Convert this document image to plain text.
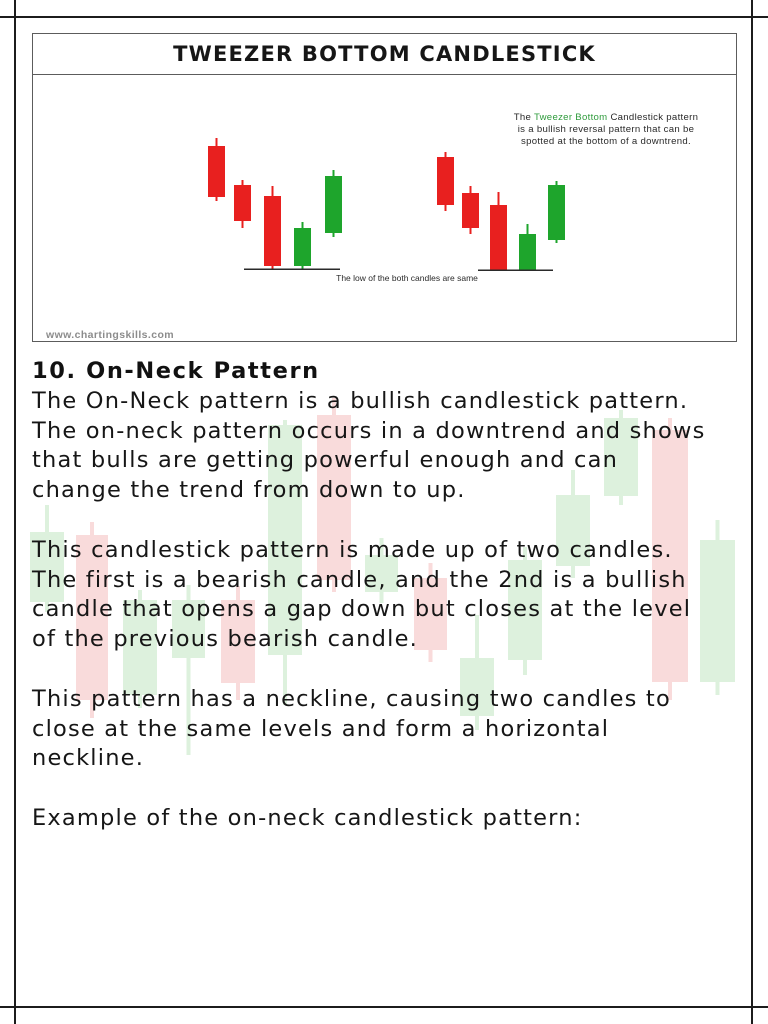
TWEEZER BOTTOM CANDLESTICK
The Tweezer Bottom Candlestick pattern
is a bullish reversal pattern that can be
spotted at the bottom of a downtrend.
The low of the both candles are same
www.chartingskills.com
10. On-Neck Pattern
The On-Neck pattern is a bullish candlestick pattern.
The on-neck pattern occurs in a downtrend and shows
that bulls are getting powerful enough and can
change the trend from down to up.
This candlestick pattern is made up of two candles.
The first is a bearish candle, and the 2nd is a bullish
candle that opens a gap down but closes at the level
of the previous bearish candle.
This pattern has a neckline, causing two candles to
close at the same levels and form a horizontal
neckline.
Example of the on-neck candlestick pattern:
